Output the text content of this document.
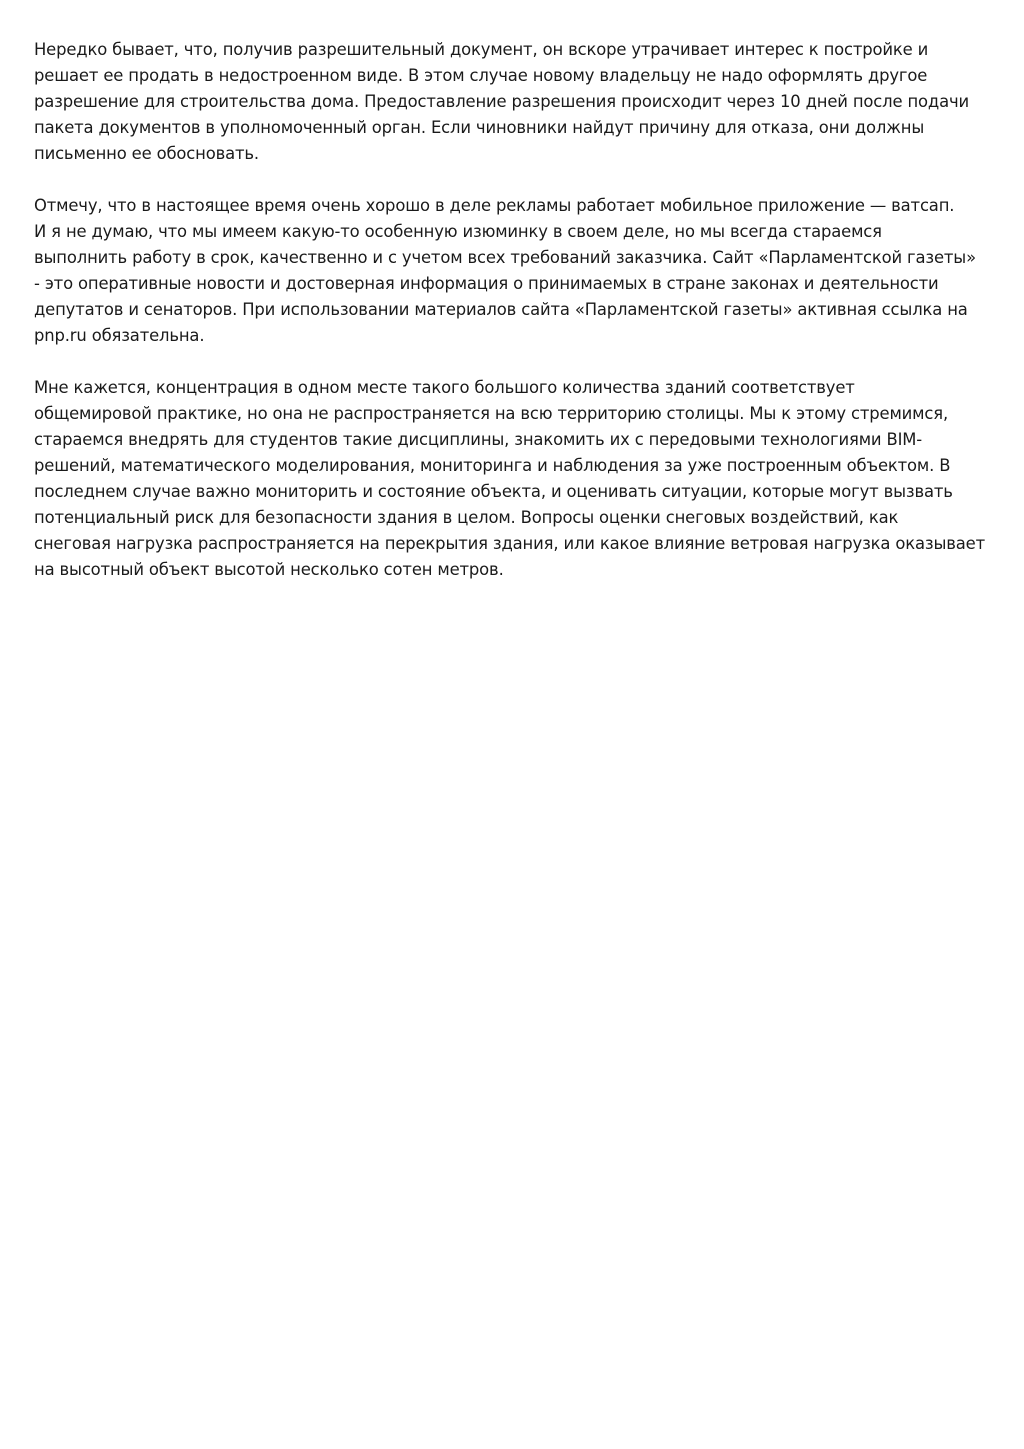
Нередко бывает, что, получив разрешительный документ, он вскоре утрачивает интерес к постройке и
решает ее продать в недостроенном виде. В этом случае новому владельцу не надо оформлять другое
разрешение для строительства дома. Предоставление разрешения происходит через 10 дней после подачи
пакета документов в уполномоченный орган. Если чиновники найдут причину для отказа, они должны
письменно ее обосновать.

Отмечу, что в настоящее время очень хорошо в деле рекламы работает мобильное приложение — ватсап.
И я не думаю, что мы имеем какую-то особенную изюминку в своем деле, но мы всегда стараемся
выполнить работу в срок, качественно и с учетом всех требований заказчика. Сайт «Парламентской газеты»
- это оперативные новости и достоверная информация о принимаемых в стране законах и деятельности
депутатов и сенаторов. При использовании материалов сайта «Парламентской газеты» активная ссылка на
pnp.ru обязательна.

Мне кажется, концентрация в одном месте такого большого количества зданий соответствует
общемировой практике, но она не распространяется на всю территорию столицы. Мы к этому стремимся,
стараемся внедрять для студентов такие дисциплины, знакомить их с передовыми технологиями BIM-
решений, математического моделирования, мониторинга и наблюдения за уже построенным объектом. В
последнем случае важно мониторить и состояние объекта, и оценивать ситуации, которые могут вызвать
потенциальный риск для безопасности здания в целом. Вопросы оценки снеговых воздействий, как
снеговая нагрузка распространяется на перекрытия здания, или какое влияние ветровая нагрузка оказывает
на высотный объект высотой несколько сотен метров.
